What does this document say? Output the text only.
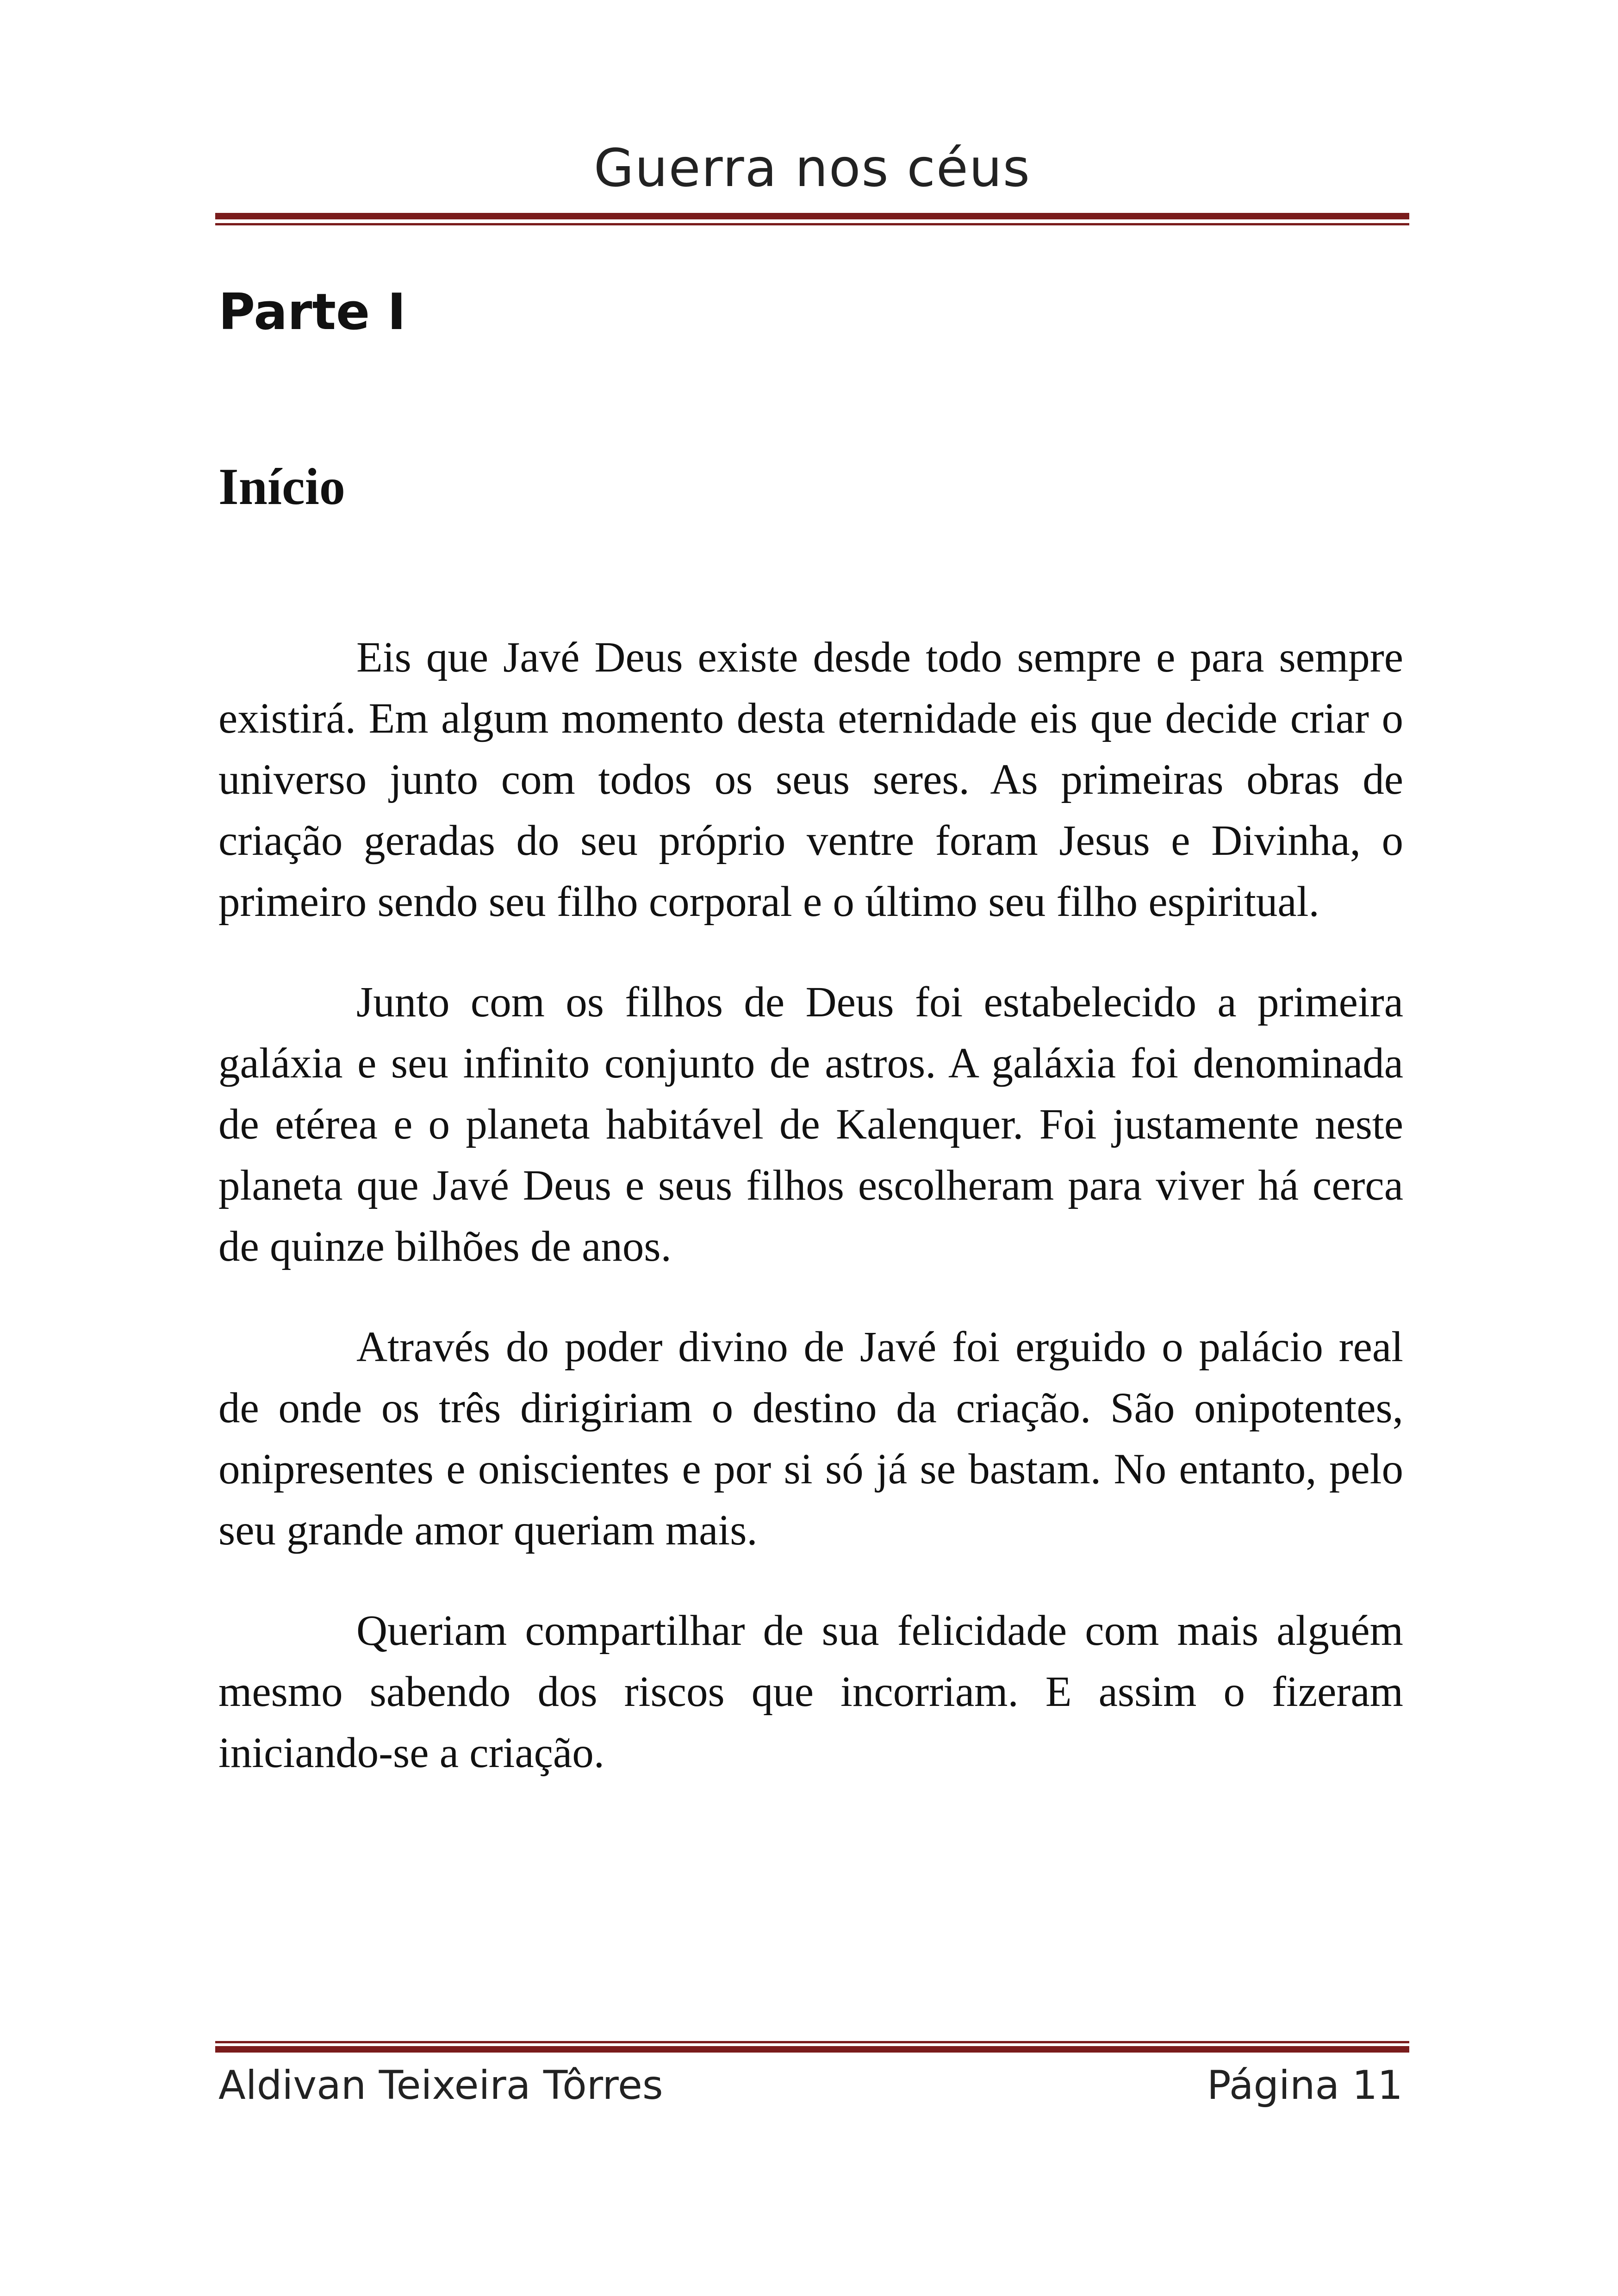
Guerra nos céus
Parte I
Início

Eis que Javé Deus existe desde todo sempre e para sempre existirá. Em algum momento desta eternidade eis que decide criar o universo junto com todos os seus seres. As primeiras obras de criação geradas do seu próprio ventre foram Jesus e Divinha, o primeiro sendo seu filho corporal e o último seu filho espiritual.

Junto com os filhos de Deus foi estabelecido a primeira galáxia e seu infinito conjunto de astros. A galáxia foi denominada de etérea e o planeta habitável de Kalenquer. Foi justamente neste planeta que Javé Deus e seus filhos escolheram para viver há cerca de quinze bilhões de anos.

Através do poder divino de Javé foi erguido o palácio real de onde os três dirigiriam o destino da criação. São onipotentes, onipresentes e oniscientes e por si só já se bastam. No entanto, pelo seu grande amor queriam mais.

Queriam compartilhar de sua felicidade com mais alguém mesmo sabendo dos riscos que incorriam. E assim o fizeram iniciando-se a criação.

Aldivan Teixeira Tôrres	Página 11
